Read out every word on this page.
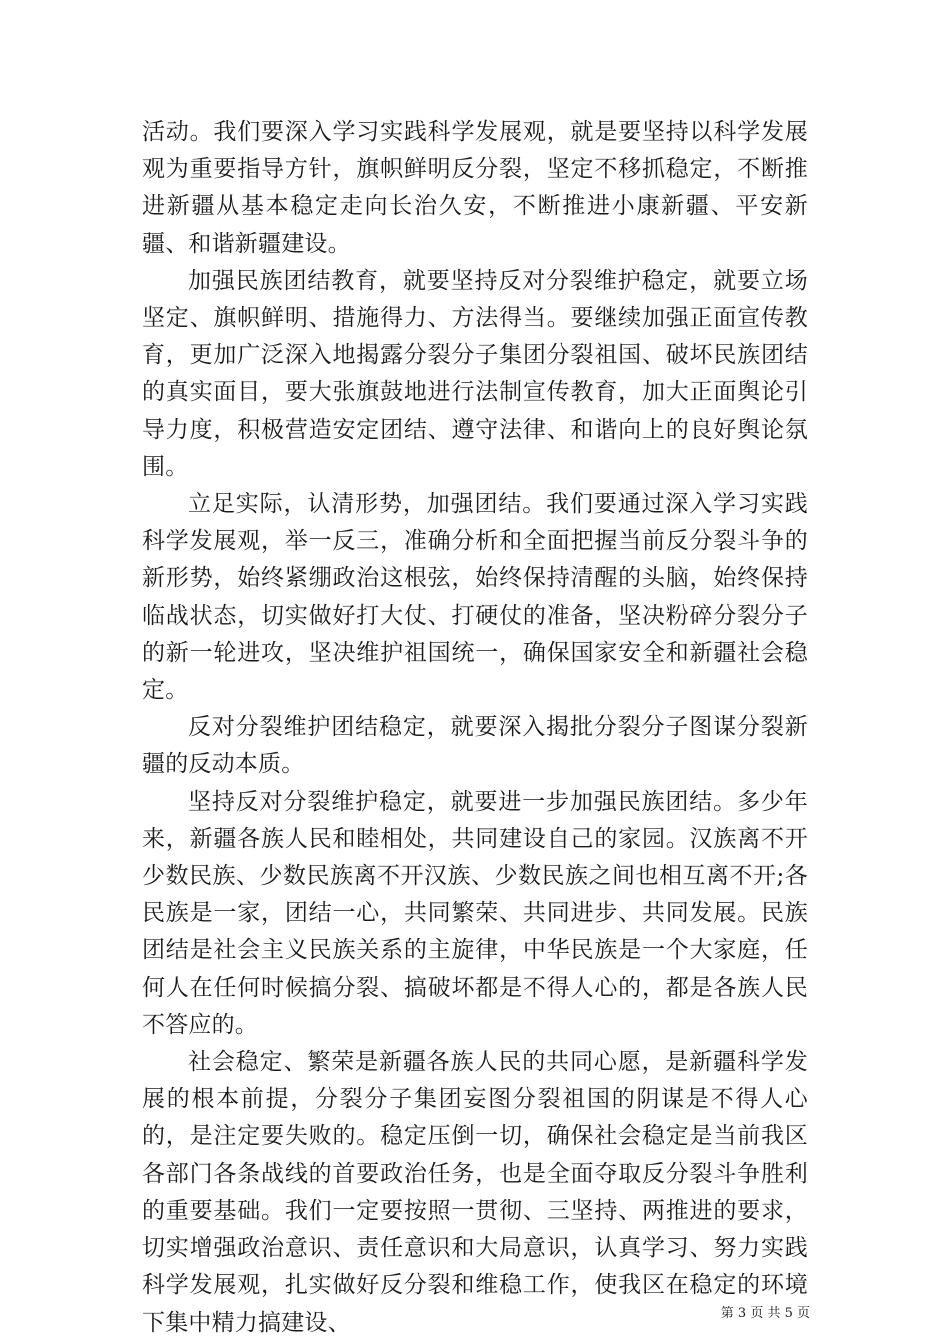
活动。我们要深入学习实践科学发展观，就是要坚持以科学发展观为重要指导方针，旗帜鲜明反分裂，坚定不移抓稳定，不断推进新疆从基本稳定走向长治久安，不断推进小康新疆、平安新疆、和谐新疆建设。

加强民族团结教育，就要坚持反对分裂维护稳定，就要立场坚定、旗帜鲜明、措施得力、方法得当。要继续加强正面宣传教育，更加广泛深入地揭露分裂分子集团分裂祖国、破坏民族团结的真实面目，要大张旗鼓地进行法制宣传教育，加大正面舆论引导力度，积极营造安定团结、遵守法律、和谐向上的良好舆论氛围。

立足实际，认清形势，加强团结。我们要通过深入学习实践科学发展观，举一反三，准确分析和全面把握当前反分裂斗争的新形势，始终紧绷政治这根弦，始终保持清醒的头脑，始终保持临战状态，切实做好打大仗、打硬仗的准备，坚决粉碎分裂分子的新一轮进攻，坚决维护祖国统一，确保国家安全和新疆社会稳定。

反对分裂维护团结稳定，就要深入揭批分裂分子图谋分裂新疆的反动本质。

坚持反对分裂维护稳定，就要进一步加强民族团结。多少年来，新疆各族人民和睦相处，共同建设自己的家园。汉族离不开少数民族、少数民族离不开汉族、少数民族之间也相互离不开;各民族是一家，团结一心，共同繁荣、共同进步、共同发展。民族团结是社会主义民族关系的主旋律，中华民族是一个大家庭，任何人在任何时候搞分裂、搞破坏都是不得人心的，都是各族人民不答应的。

社会稳定、繁荣是新疆各族人民的共同心愿，是新疆科学发展的根本前提，分裂分子集团妄图分裂祖国的阴谋是不得人心的，是注定要失败的。稳定压倒一切，确保社会稳定是当前我区各部门各条战线的首要政治任务，也是全面夺取反分裂斗争胜利的重要基础。我们一定要按照一贯彻、三坚持、两推进的要求，切实增强政治意识、责任意识和大局意识，认真学习、努力实践科学发展观，扎实做好反分裂和维稳工作，使我区在稳定的环境下集中精力搞建设、	第 3 页 共 5 页
